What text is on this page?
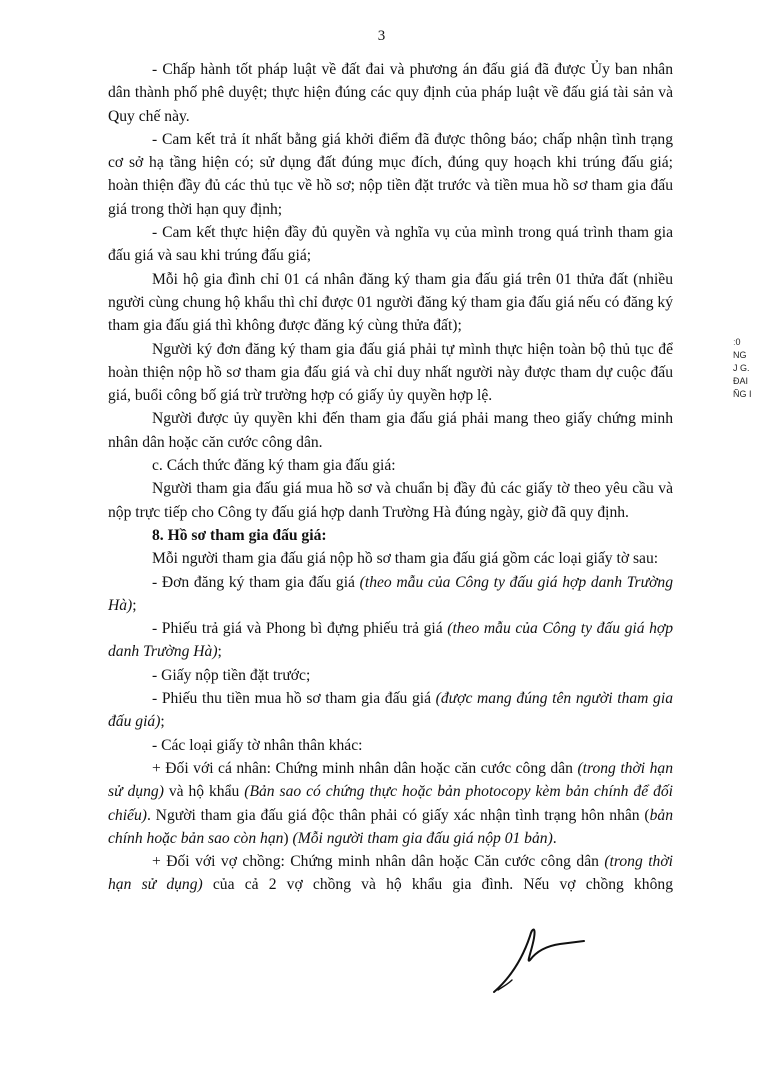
3

- Chấp hành tốt pháp luật về đất đai và phương án đấu giá đã được Ủy ban nhân dân thành phố phê duyệt; thực hiện đúng các quy định của pháp luật về đấu giá tài sản và Quy chế này.

- Cam kết trả ít nhất bằng giá khởi điểm đã được thông báo; chấp nhận tình trạng cơ sở hạ tầng hiện có; sử dụng đất đúng mục đích, đúng quy hoạch khi trúng đấu giá; hoàn thiện đầy đủ các thủ tục về hồ sơ; nộp tiền đặt trước và tiền mua hồ sơ tham gia đấu giá trong thời hạn quy định;

- Cam kết thực hiện đầy đủ quyền và nghĩa vụ của mình trong quá trình tham gia đấu giá và sau khi trúng đấu giá;

Mỗi hộ gia đình chỉ 01 cá nhân đăng ký tham gia đấu giá trên 01 thửa đất (nhiều người cùng chung hộ khẩu thì chỉ được 01 người đăng ký tham gia đấu giá nếu có đăng ký tham gia đấu giá thì không được đăng ký cùng thửa đất);

Người ký đơn đăng ký tham gia đấu giá phải tự mình thực hiện toàn bộ thủ tục để hoàn thiện nộp hồ sơ tham gia đấu giá và chỉ duy nhất người này được tham dự cuộc đấu giá, buổi công bố giá trừ trường hợp có giấy ủy quyền hợp lệ.

Người được ủy quyền khi đến tham gia đấu giá phải mang theo giấy chứng minh nhân dân hoặc căn cước công dân.

c. Cách thức đăng ký tham gia đấu giá:

Người tham gia đấu giá mua hồ sơ và chuẩn bị đầy đủ các giấy tờ theo yêu cầu và nộp trực tiếp cho Công ty đấu giá hợp danh Trường Hà đúng ngày, giờ đã quy định.

8. Hồ sơ tham gia đấu giá:

Mỗi người tham gia đấu giá nộp hồ sơ tham gia đấu giá gồm các loại giấy tờ sau:

- Đơn đăng ký tham gia đấu giá (theo mẫu của Công ty đấu giá hợp danh Trường Hà);

- Phiếu trả giá và Phong bì đựng phiếu trả giá (theo mẫu của Công ty đấu giá hợp danh Trường Hà);

- Giấy nộp tiền đặt trước;

- Phiếu thu tiền mua hồ sơ tham gia đấu giá (được mang đúng tên người tham gia đấu giá);

- Các loại giấy tờ nhân thân khác:

+ Đối với cá nhân: Chứng minh nhân dân hoặc căn cước công dân (trong thời hạn sử dụng) và hộ khẩu (Bản sao có chứng thực hoặc bản photocopy kèm bản chính để đối chiếu). Người tham gia đấu giá độc thân phải có giấy xác nhận tình trạng hôn nhân (bản chính hoặc bản sao còn hạn) (Mỗi người tham gia đấu giá nộp 01 bản).

+ Đối với vợ chồng: Chứng minh nhân dân hoặc Căn cước công dân (trong thời hạn sử dụng) của cả 2 vợ chồng và hộ khẩu gia đình. Nếu vợ chồng không

ː0
NG
J G.
ĐAI
ÑG I
